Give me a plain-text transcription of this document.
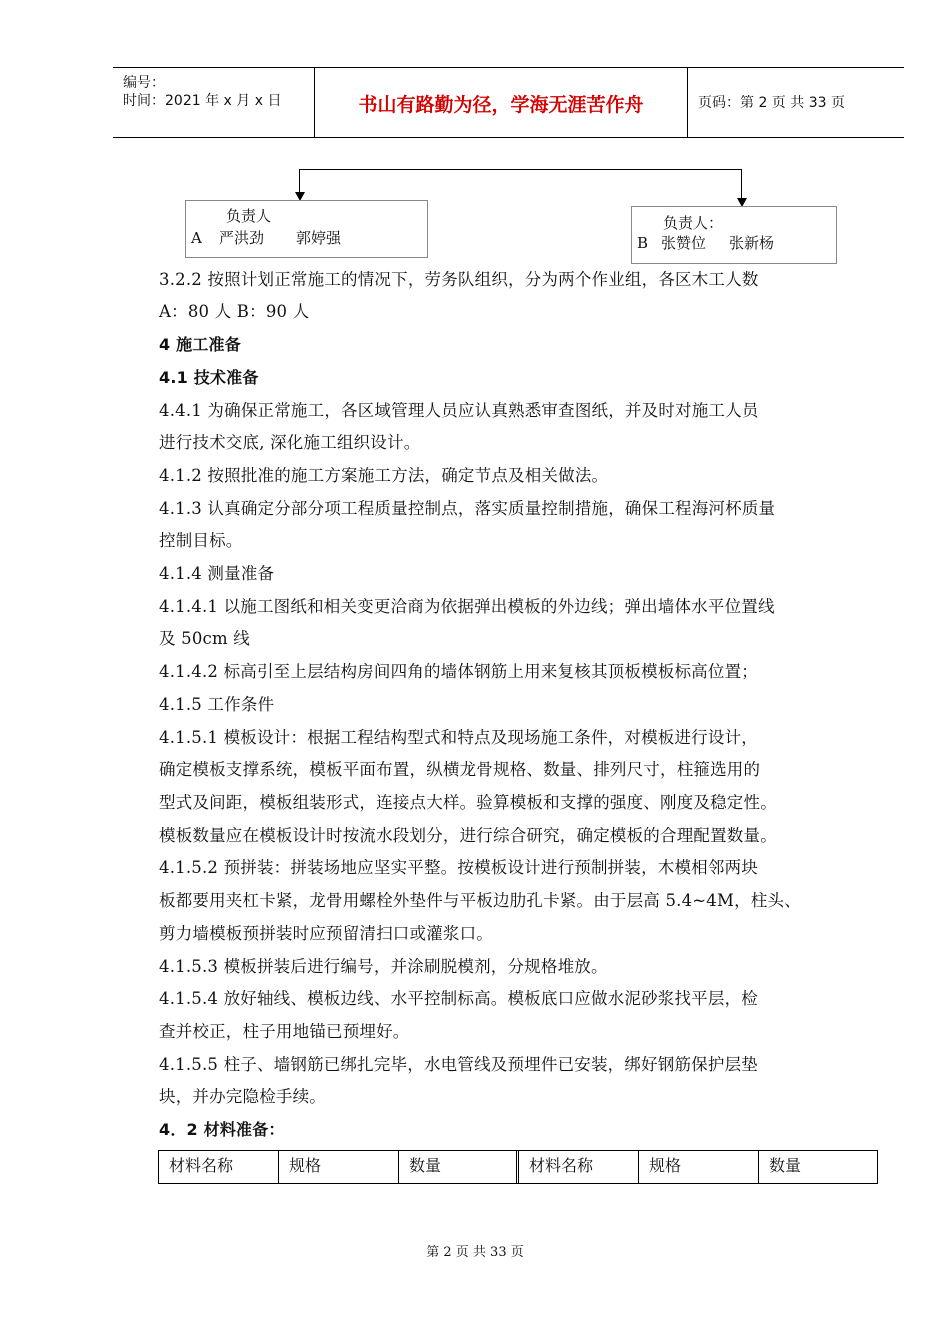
编号：
时间：2021 年 x 月 x 日	书山有路勤为径，学海无涯苦作舟	页码：第 2 页 共 33 页
负责人
A 严洪劲 郭婷强
负责人：
B 张赞位 张新杨
3.2.2 按照计划正常施工的情况下，劳务队组织，分为两个作业组，各区木工人数
A：80 人 B：90 人
4 施工准备
4.1 技术准备
4.4.1 为确保正常施工，各区域管理人员应认真熟悉审查图纸，并及时对施工人员
进行技术交底, 深化施工组织设计。
4.1.2 按照批准的施工方案施工方法，确定节点及相关做法。
4.1.3 认真确定分部分项工程质量控制点，落实质量控制措施，确保工程海河杯质量
控制目标。
4.1.4 测量准备
4.1.4.1 以施工图纸和相关变更洽商为依据弹出模板的外边线；弹出墙体水平位置线
及 50cm 线
4.1.4.2 标高引至上层结构房间四角的墙体钢筋上用来复核其顶板模板标高位置；
4.1.5 工作条件
4.1.5.1 模板设计：根据工程结构型式和特点及现场施工条件，对模板进行设计，
确定模板支撑系统，模板平面布置，纵横龙骨规格、数量、排列尺寸，柱箍选用的
型式及间距，模板组装形式，连接点大样。验算模板和支撑的强度、刚度及稳定性。
模板数量应在模板设计时按流水段划分，进行综合研究，确定模板的合理配置数量。
4.1.5.2 预拼装：拼装场地应坚实平整。按模板设计进行预制拼装，木模相邻两块
板都要用夹杠卡紧，龙骨用螺栓外垫件与平板边肋孔卡紧。由于层高 5.4~4M，柱头、
剪力墙模板预拼装时应预留清扫口或灌浆口。
4.1.5.3 模板拼装后进行编号，并涂刷脱模剂，分规格堆放。
4.1.5.4 放好轴线、模板边线、水平控制标高。模板底口应做水泥砂浆找平层，检
查并校正，柱子用地锚已预埋好。
4.1.5.5 柱子、墙钢筋已绑扎完毕，水电管线及预埋件已安装，绑好钢筋保护层垫
块，并办完隐检手续。
4．2 材料准备：
材料名称	规格	数量	材料名称	规格	数量
第 2 页 共 33 页
